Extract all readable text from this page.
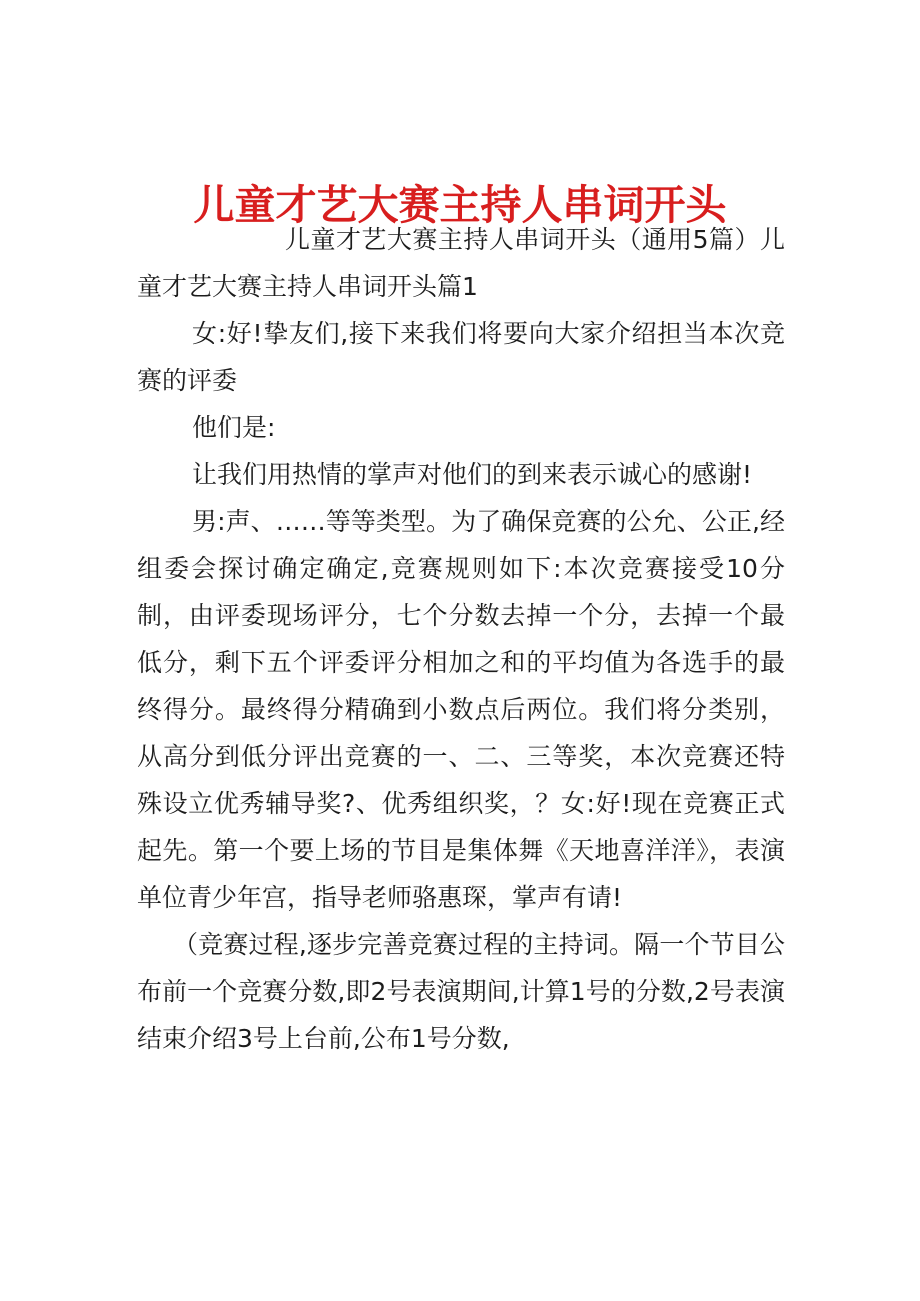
儿童才艺大赛主持人串词开头

儿童才艺大赛主持人串词开头（通用5篇）儿童才艺大赛主持人串词开头篇1

女:好!挚友们,接下来我们将要向大家介绍担当本次竞赛的评委

他们是:

让我们用热情的掌声对他们的到来表示诚心的感谢!

男:声、……等等类型。为了确保竞赛的公允、公正,经组委会探讨确定确定,竞赛规则如下:本次竞赛接受10分制，由评委现场评分，七个分数去掉一个分，去掉一个最低分，剩下五个评委评分相加之和的平均值为各选手的最终得分。最终得分精确到小数点后两位。我们将分类别，从高分到低分评出竞赛的一、二、三等奖，本次竞赛还特殊设立优秀辅导奖?、优秀组织奖，？女:好!现在竞赛正式起先。第一个要上场的节目是集体舞《天地喜洋洋》，表演单位青少年宫，指导老师骆惠琛，掌声有请!

（竞赛过程,逐步完善竞赛过程的主持词。隔一个节目公布前一个竞赛分数,即2号表演期间,计算1号的分数,2号表演结束介绍3号上台前,公布1号分数,
